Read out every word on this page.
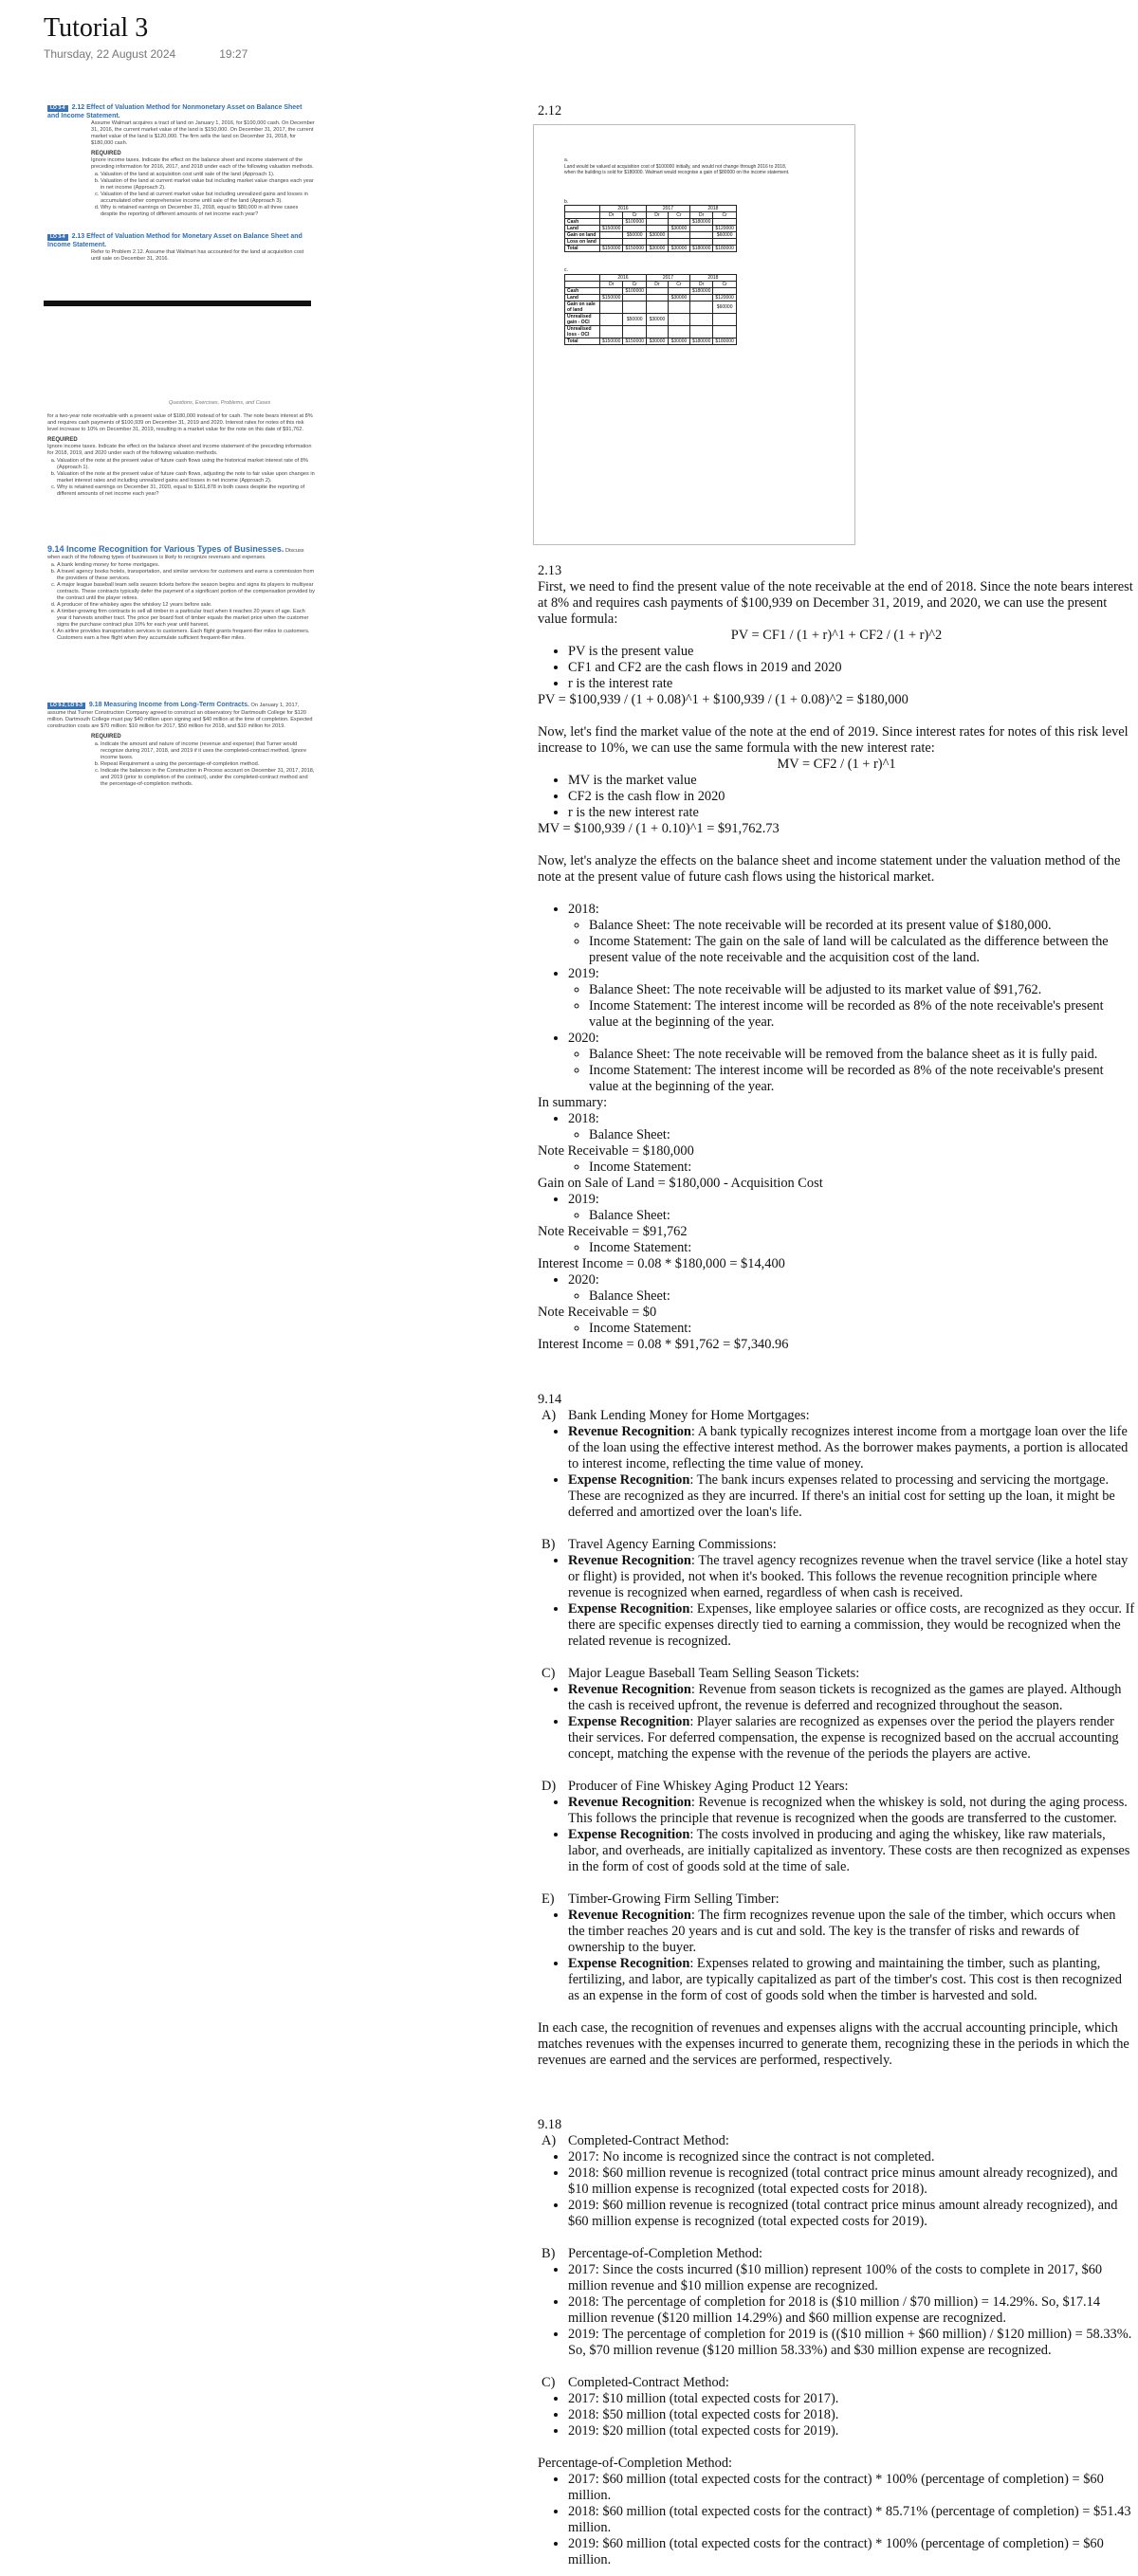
Tutorial 3
Thursday, 22 August 2024	19:27
LO 3-4 2.12 Effect of Valuation Method for Nonmonetary Asset on Balance Sheet and Income Statement.
Assume Walmart acquires a tract of land on January 1, 2016, for $100,000 cash. On December 31, 2016, the current market value of the land is $150,000. On December 31, 2017, the current market value of the land is $120,000. The firm sells the land on December 31, 2018, for $180,000 cash.
REQUIRED
Ignore income taxes. Indicate the effect on the balance sheet and income statement of the preceding information for 2016, 2017, and 2018 under each of the following valuation methods.
a. Valuation of the land at acquisition cost until sale of the land (Approach 1).
b. Valuation of the land at current market value but including market value changes each year in net income (Approach 2).
c. Valuation of the land at current market value but including unrealized gains and losses in accumulated other comprehensive income until sale of the land (Approach 3).
d. Why is retained earnings on December 31, 2018, equal to $80,000 in all three cases despite the reporting of different amounts of net income each year?
LO 3-4 2.13 Effect of Valuation Method for Monetary Asset on Balance Sheet and Income Statement.
Refer to Problem 2.12. Assume that Walmart has accounted for the land at acquisition cost until sale on December 31, 2016.
Questions, Exercises, Problems, and Cases
for a two-year note receivable with a present value of $180,000 instead of for cash. The note bears interest at 8% and requires cash payments of $100,939 on December 31, 2019 and 2020. Interest rates for notes of this risk level increase to 10% on December 31, 2019, resulting in a market value for the note on this date of $91,762.
REQUIRED
Ignore income taxes. Indicate the effect on the balance sheet and income statement of the preceding information for 2018, 2019, and 2020 under each of the following valuation methods.
a. Valuation of the note at the present value of future cash flows using the historical market interest rate of 8% (Approach 1).
b. Valuation of the note at the present value of future cash flows, adjusting the note to fair value upon changes in market interest rates and including unrealized gains and losses in net income (Approach 2).
c. Why is retained earnings on December 31, 2020, equal to $161,878 in both cases despite the reporting of different amounts of net income each year?
9.14 Income Recognition for Various Types of Businesses. Discuss when each of the following types of businesses is likely to recognize revenues and expenses.
a. A bank lending money for home mortgages.
b. A travel agency books hotels, transportation, and similar services for customers and earns a commission from the providers of these services.
c. A major league baseball team sells season tickets before the season begins and signs its players to multiyear contracts. These contracts typically defer the payment of a significant portion of the compensation provided by the contract until the player retires.
d. A producer of fine whiskey ages the whiskey 12 years before sale.
e. A timber-growing firm contracts to sell all timber in a particular tract when it reaches 20 years of age. Each year it harvests another tract. The price per board foot of timber equals the market price when the customer signs the purchase contract plus 10% for each year until harvest.
f. An airline provides transportation services to customers. Each flight grants frequent-flier miles to customers. Customers earn a free flight when they accumulate sufficient frequent-flier miles.
LO 9-2, LO 9-3 9.18 Measuring Income from Long-Term Contracts. On January 1, 2017, assume that Turner Construction Company agreed to construct an observatory for Dartmouth College for $120 million. Dartmouth College must pay $40 million upon signing and $40 million at the time of completion. Expected construction costs are $70 million: $10 million for 2017, $50 million for 2018, and $10 million for 2019.
REQUIRED
a. Indicate the amount and nature of income (revenue and expense) that Turner would recognize during 2017, 2018, and 2019 if it uses the completed-contract method. Ignore income taxes.
b. Repeat Requirement a using the percentage-of-completion method.
c. Indicate the balances in the Construction in Process account on December 31, 2017, 2018, and 2019 (prior to completion of the contract), under the completed-contract method and the percentage-of-completion methods.
2.12
a.
Land would be valued at acquisition cost of $100000 initially, and would not change through 2016 to 2018, when the building is sold for $180000. Walmart would recognise a gain of $80000 on the income statement.
b.
	2016		2017		2018	
	Dr	Cr	Dr	Cr	Dr	Cr
Cash		$100000			$180000	
Land	$150000			$30000		$120000
Gain on land		$50000	$30000			$60000
Loss on land						
Total	$150000	$150000	$30000	$30000	$180000	$180000
c.
	2016		2017		2018	
	Dr	Cr	Dr	Cr	Dr	Cr
Cash		$100000			$180000	
Land	$150000			$30000		$120000
Gain on sale of land						$60000
Unrealised gain - OCI		$50000	$30000			
Unrealised loss - OCI						
Total	$150000	$150000	$30000	$30000	$180000	$180000

2.13

First, we need to find the present value of the note receivable at the end of 2018. Since the note bears interest at 8% and requires cash payments of $100,939 on December 31, 2019, and 2020, we can use the present value formula:

PV = CF1 / (1 + r)^1 + CF2 / (1 + r)^2

• PV is the present value
• CF1 and CF2 are the cash flows in 2019 and 2020
• r is the interest rate

PV = $100,939 / (1 + 0.08)^1 + $100,939 / (1 + 0.08)^2 = $180,000

Now, let's find the market value of the note at the end of 2019. Since interest rates for notes of this risk level increase to 10%, we can use the same formula with the new interest rate:

MV = CF2 / (1 + r)^1

• MV is the market value
• CF2 is the cash flow in 2020
• r is the new interest rate

MV = $100,939 / (1 + 0.10)^1 = $91,762.73

Now, let's analyze the effects on the balance sheet and income statement under the valuation method of the note at the present value of future cash flows using the historical market.

• 2018:
◦ Balance Sheet: The note receivable will be recorded at its present value of $180,000.
◦ Income Statement: The gain on the sale of land will be calculated as the difference between the present value of the note receivable and the acquisition cost of the land.
• 2019:
◦ Balance Sheet: The note receivable will be adjusted to its market value of $91,762.
◦ Income Statement: The interest income will be recorded as 8% of the note receivable's present value at the beginning of the year.
• 2020:
◦ Balance Sheet: The note receivable will be removed from the balance sheet as it is fully paid.
◦ Income Statement: The interest income will be recorded as 8% of the note receivable's present value at the beginning of the year.

In summary:

• 2018:
◦ Balance Sheet:

Note Receivable = $180,000

◦ Income Statement:

Gain on Sale of Land = $180,000 - Acquisition Cost

• 2019:
◦ Balance Sheet:

Note Receivable = $91,762

◦ Income Statement:

Interest Income = 0.08 * $180,000 = $14,400

• 2020:
◦ Balance Sheet:

Note Receivable = $0

◦ Income Statement:

Interest Income = 0.08 * $91,762 = $7,340.96

9.14

A) Bank Lending Money for Home Mortgages:

• Revenue Recognition: A bank typically recognizes interest income from a mortgage loan over the life of the loan using the effective interest method. As the borrower makes payments, a portion is allocated to interest income, reflecting the time value of money.
• Expense Recognition: The bank incurs expenses related to processing and servicing the mortgage. These are recognized as they are incurred. If there's an initial cost for setting up the loan, it might be deferred and amortized over the loan's life.

B) Travel Agency Earning Commissions:

• Revenue Recognition: The travel agency recognizes revenue when the travel service (like a hotel stay or flight) is provided, not when it's booked. This follows the revenue recognition principle where revenue is recognized when earned, regardless of when cash is received.
• Expense Recognition: Expenses, like employee salaries or office costs, are recognized as they occur. If there are specific expenses directly tied to earning a commission, they would be recognized when the related revenue is recognized.

C) Major League Baseball Team Selling Season Tickets:

• Revenue Recognition: Revenue from season tickets is recognized as the games are played. Although the cash is received upfront, the revenue is deferred and recognized throughout the season.
• Expense Recognition: Player salaries are recognized as expenses over the period the players render their services. For deferred compensation, the expense is recognized based on the accrual accounting concept, matching the expense with the revenue of the periods the players are active.

D) Producer of Fine Whiskey Aging Product 12 Years:

• Revenue Recognition: Revenue is recognized when the whiskey is sold, not during the aging process. This follows the principle that revenue is recognized when the goods are transferred to the customer.
• Expense Recognition: The costs involved in producing and aging the whiskey, like raw materials, labor, and overheads, are initially capitalized as inventory. These costs are then recognized as expenses in the form of cost of goods sold at the time of sale.

E) Timber-Growing Firm Selling Timber:

• Revenue Recognition: The firm recognizes revenue upon the sale of the timber, which occurs when the timber reaches 20 years and is cut and sold. The key is the transfer of risks and rewards of ownership to the buyer.
• Expense Recognition: Expenses related to growing and maintaining the timber, such as planting, fertilizing, and labor, are typically capitalized as part of the timber's cost. This cost is then recognized as an expense in the form of cost of goods sold when the timber is harvested and sold.

In each case, the recognition of revenues and expenses aligns with the accrual accounting principle, which matches revenues with the expenses incurred to generate them, recognizing these in the periods in which the revenues are earned and the services are performed, respectively.

9.18

A) Completed-Contract Method:

• 2017: No income is recognized since the contract is not completed.
• 2018: $60 million revenue is recognized (total contract price minus amount already recognized), and $10 million expense is recognized (total expected costs for 2018).
• 2019: $60 million revenue is recognized (total contract price minus amount already recognized), and $60 million expense is recognized (total expected costs for 2019).

B) Percentage-of-Completion Method:

• 2017: Since the costs incurred ($10 million) represent 100% of the costs to complete in 2017, $60 million revenue and $10 million expense are recognized.
• 2018: The percentage of completion for 2018 is ($10 million / $70 million) = 14.29%. So, $17.14 million revenue ($120 million 14.29%) and $60 million expense are recognized.
• 2019: The percentage of completion for 2019 is (($10 million + $60 million) / $120 million) = 58.33%. So, $70 million revenue ($120 million 58.33%) and $30 million expense are recognized.

C) Completed-Contract Method:

• 2017: $10 million (total expected costs for 2017).
• 2018: $50 million (total expected costs for 2018).
• 2019: $20 million (total expected costs for 2019).

Percentage-of-Completion Method:

• 2017: $60 million (total expected costs for the contract) * 100% (percentage of completion) = $60 million.
• 2018: $60 million (total expected costs for the contract) * 85.71% (percentage of completion) = $51.43 million.
• 2019: $60 million (total expected costs for the contract) * 100% (percentage of completion) = $60 million.
